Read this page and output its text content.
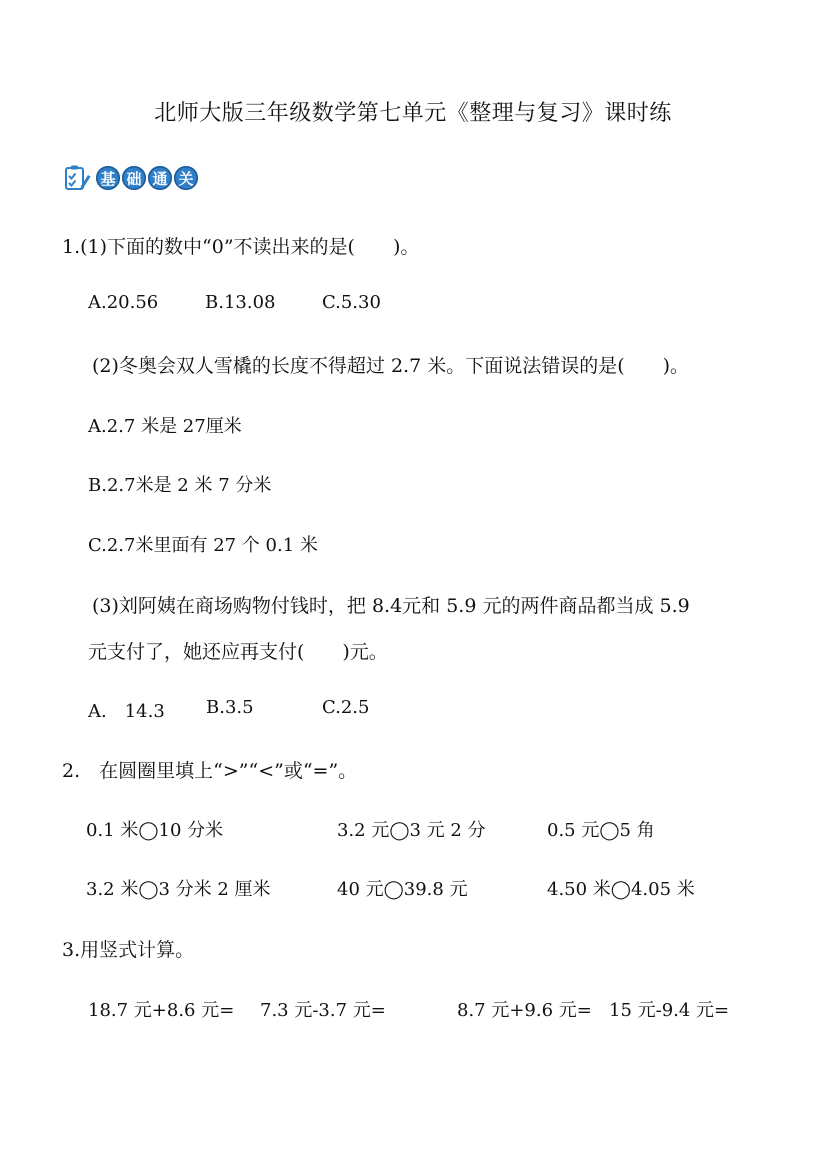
北师大版三年级数学第七单元《整理与复习》课时练
基 础 通 关
1.(1)下面的数中“0”不读出来的是(　　)。
A.20.56	B.13.08	C.5.30
(2)冬奥会双人雪橇的长度不得超过 2.7 米。下面说法错误的是(　　)。
A.2.7 米是 27厘米
B.2.7米是 2 米 7 分米
C.2.7米里面有 27 个 0.1 米
(3)刘阿姨在商场购物付钱时，把 8.4元和 5.9 元的两件商品都当成 5.9
元支付了，她还应再支付(　　)元。
A.　14.3 B.3.5	C.2.5
2.　在圆圈里填上“>”“<”或“=”。
0.1 米◯10 分米	3.2 元◯3 元 2 分	0.5 元◯5 角
3.2 米◯3 分米 2 厘米	40 元◯39.8 元	4.50 米◯4.05 米
3.用竖式计算。
18.7 元+8.6 元= 7.3 元-3.7 元=	8.7 元+9.6 元= 15 元-9.4 元=
